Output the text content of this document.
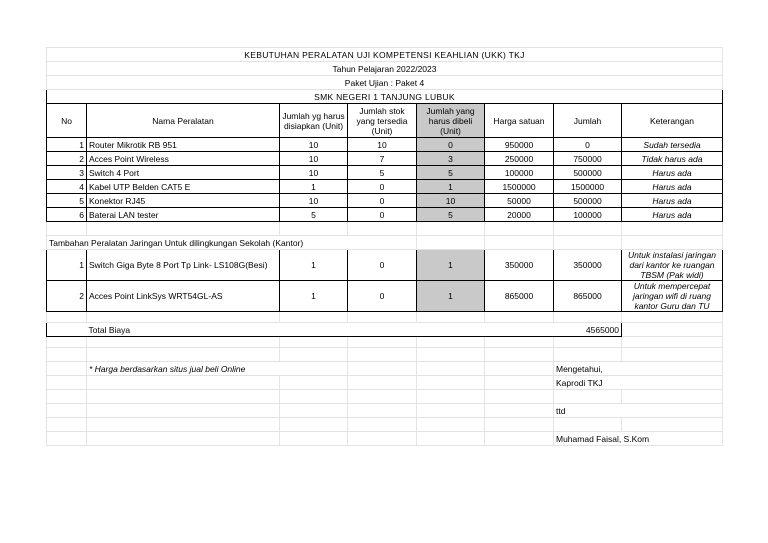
KEBUTUHAN PERALATAN UJI KOMPETENSI KEAHLIAN (UKK) TKJ							
Tahun Pelajaran 2022/2023							
Paket Ujian : Paket 4							
SMK NEGERI 1 TANJUNG LUBUK							
No	Nama Peralatan	Jumlah yg harus disiapkan (Unit)	Jumlah stok yang tersedia (Unit)	Jumlah yang harus dibeli (Unit)	Harga satuan	Jumlah	Keterangan
1	Router Mikrotik RB 951	10	10	0	950000	0	Sudah tersedia
2	Acces Point Wireless	10	7	3	250000	750000	Tidak harus ada
3	Switch 4 Port	10	5	5	100000	500000	Harus ada
4	Kabel UTP Belden CAT5 E	1	0	1	1500000	1500000	Harus ada
5	Konektor RJ45	10	0	10	50000	500000	Harus ada
6	Baterai LAN tester	5	0	5	20000	100000	Harus ada

Tambahan Peralatan Jaringan Untuk dilingkungan Sekolah (Kantor)							
1	Switch Giga Byte 8 Port Tp Link- LS108G(Besi)	1	0	1	350000	350000	Untuk instalasi jaringan dari kantor ke ruangan TBSM (Pak widi)
2	Acces Point LinkSys WRT54GL-AS	1	0	1	865000	865000	Untuk mempercepat jaringan wifi di ruang kantor Guru dan TU

	Total Biaya					4565000	

	* Harga berdasarkan situs jual beli Online					Mengetahui,	
						Kaprodi TKJ	

						ttd	

						Muhamad Faisal, S.Kom	
